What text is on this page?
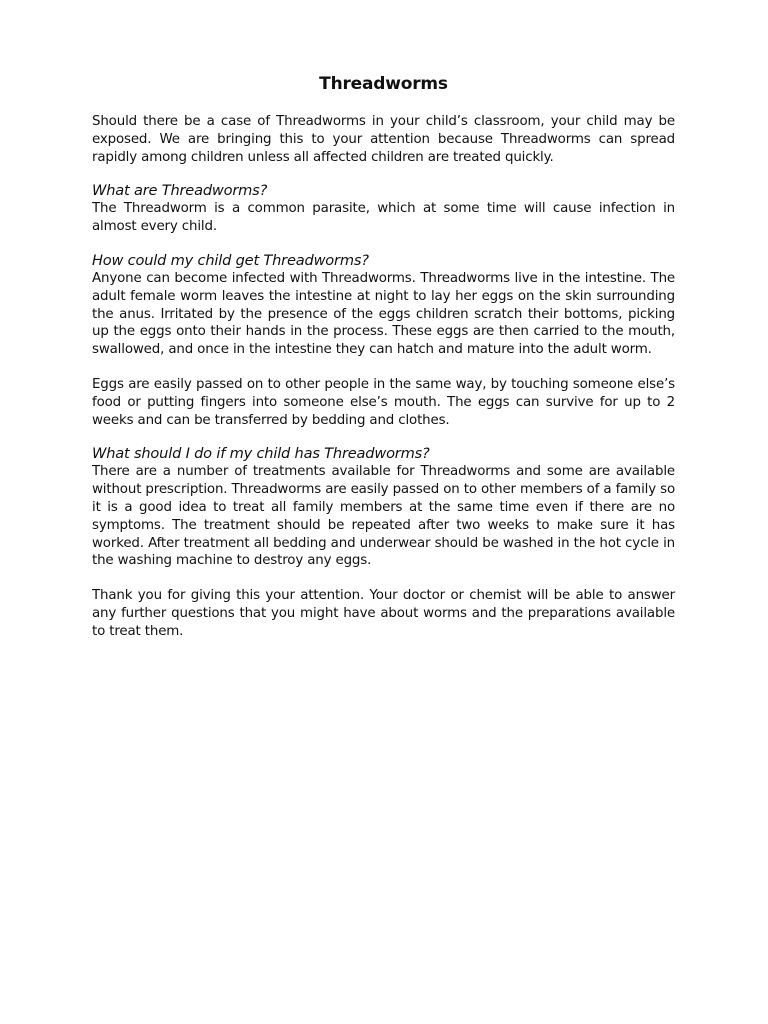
Threadworms

Should there be a case of Threadworms in your child’s classroom, your child may be exposed. We are bringing this to your attention because Threadworms can spread rapidly among children unless all affected children are treated quickly.

What are Threadworms?

The Threadworm is a common parasite, which at some time will cause infection in almost every child.

How could my child get Threadworms?

Anyone can become infected with Threadworms. Threadworms live in the intestine. The adult female worm leaves the intestine at night to lay her eggs on the skin surrounding the anus. Irritated by the presence of the eggs children scratch their bottoms, picking up the eggs onto their hands in the process. These eggs are then carried to the mouth, swallowed, and once in the intestine they can hatch and mature into the adult worm.

Eggs are easily passed on to other people in the same way, by touching someone else’s food or putting fingers into someone else’s mouth. The eggs can survive for up to 2 weeks and can be transferred by bedding and clothes.

What should I do if my child has Threadworms?

There are a number of treatments available for Threadworms and some are available without prescription. Threadworms are easily passed on to other members of a family so it is a good idea to treat all family members at the same time even if there are no symptoms. The treatment should be repeated after two weeks to make sure it has worked. After treatment all bedding and underwear should be washed in the hot cycle in the washing machine to destroy any eggs.

Thank you for giving this your attention. Your doctor or chemist will be able to answer any further questions that you might have about worms and the preparations available to treat them.
